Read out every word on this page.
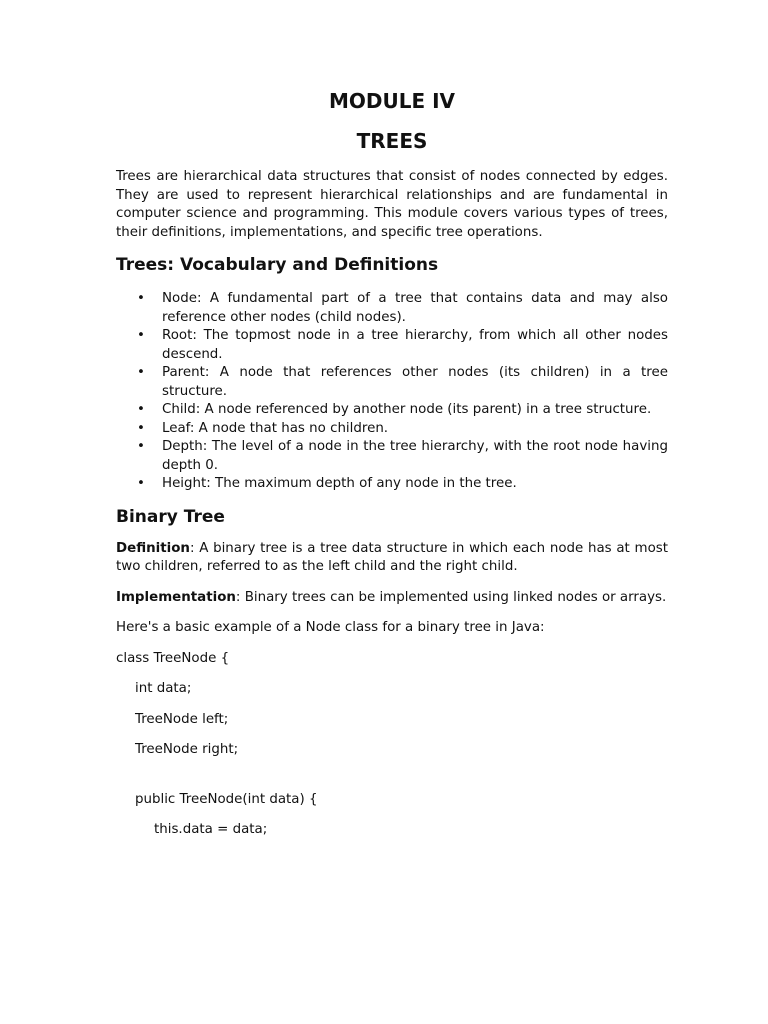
MODULE IV
TREES

Trees are hierarchical data structures that consist of nodes connected by edges. They are used to represent hierarchical relationships and are fundamental in computer science and programming. This module covers various types of trees, their definitions, implementations, and specific tree operations.

Trees: Vocabulary and Definitions
• Node: A fundamental part of a tree that contains data and may also reference other nodes (child nodes).
• Root: The topmost node in a tree hierarchy, from which all other nodes descend.
• Parent: A node that references other nodes (its children) in a tree structure.
• Child: A node referenced by another node (its parent) in a tree structure.
• Leaf: A node that has no children.
• Depth: The level of a node in the tree hierarchy, with the root node having depth 0.
• Height: The maximum depth of any node in the tree.
Binary Tree

Definition: A binary tree is a tree data structure in which each node has at most two children, referred to as the left child and the right child.

Implementation: Binary trees can be implemented using linked nodes or arrays.

Here's a basic example of a Node class for a binary tree in Java:

class TreeNode {

int data;

TreeNode left;

TreeNode right;

public TreeNode(int data) {

this.data = data;
